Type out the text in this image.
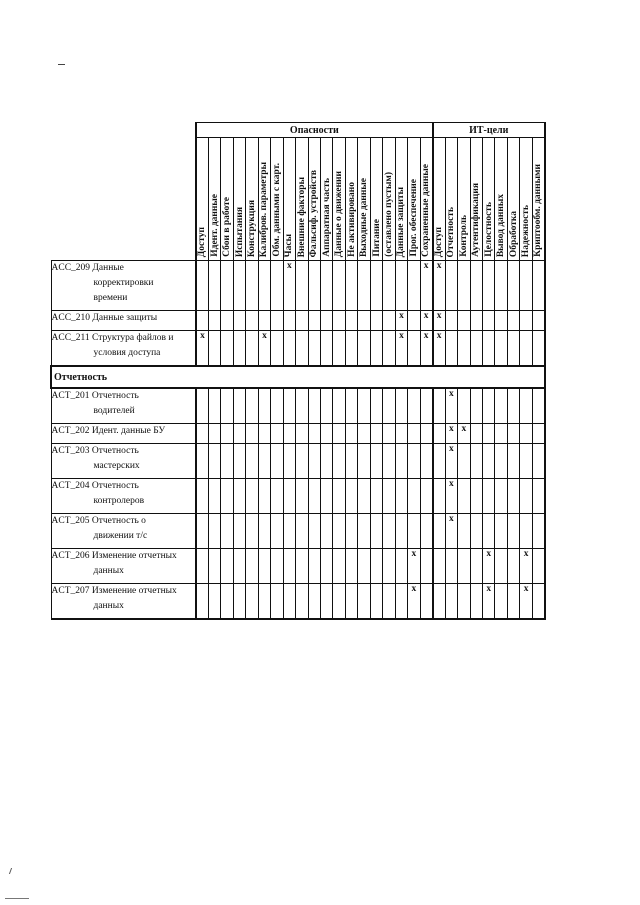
	Опасности																			ИТ-цели								

	Доступ	Идент. данные	Сбои в работе	Испытания	Конструкция	Калибров. параметры	Обм. данными с карт.	Часы	Внешние факторы	Фальсиф. устройств	Аппаратная часть	Данные о движении	Не активировано	Выходные данные	Питание	(оставлено пустым)	Данные защиты	Прог. обеспечение	Сохраненные данные	Доступ	Отчетность	Контроль	Аутентификация	Целостность	Вывод данных	Обработка	Надежность	Криптообм. данными

ACC_209 Данные
корректировки
времени								x											x	x								

ACC_210 Данные защиты																	x		x	x								

ACC_211 Структура файлов и
условия доступа	x					x											x		x	x								
Отчетность																												

ACT_201 Отчетность
водителей																					x							

ACT_202 Идент. данные БУ																					x	x						

ACT_203 Отчетность
мастерских																					x							

ACT_204 Отчетность
контролеров																					x							

ACT_205 Отчетность о
движении т/с																					x							

ACT_206 Изменение отчетных
данных																		x						x			x	

ACT_207 Изменение отчетных
данных																		x						x			x	
